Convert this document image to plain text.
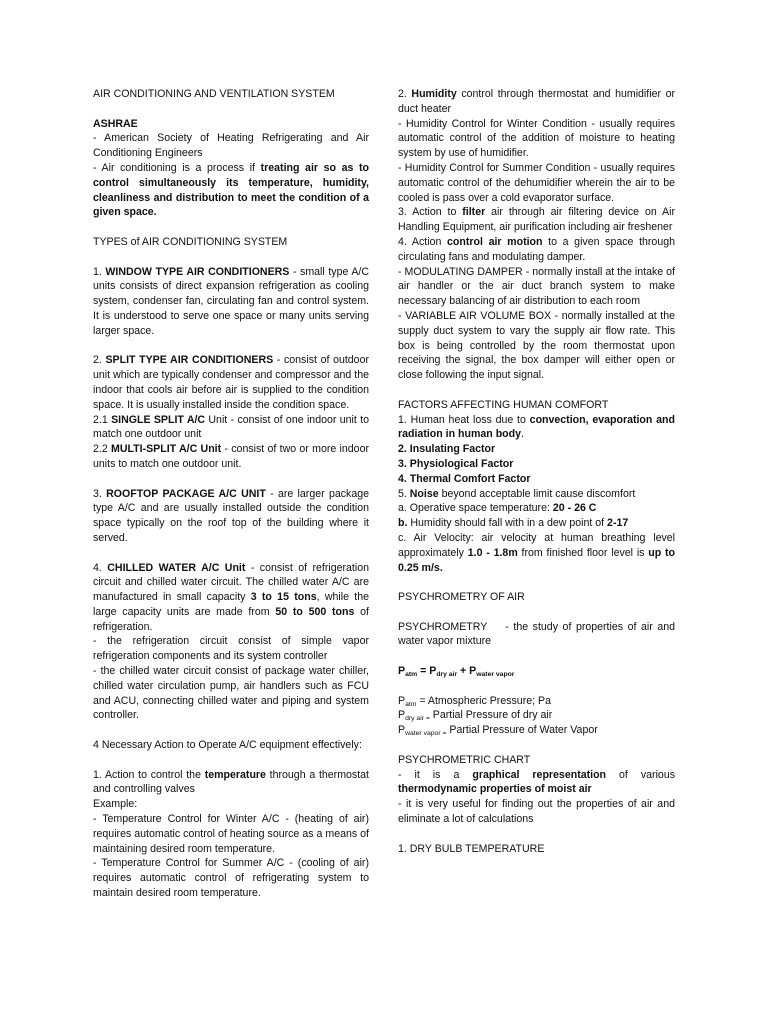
AIR CONDITIONING AND VENTILATION SYSTEM

ASHRAE

- American Society of Heating Refrigerating and Air Conditioning Engineers

- Air conditioning is a process if treating air so as to control simultaneously its temperature, humidity, cleanliness and distribution to meet the condition of a given space.

TYPES of AIR CONDITIONING SYSTEM

1. WINDOW TYPE AIR CONDITIONERS - small type A/C units consists of direct expansion refrigeration as cooling system, condenser fan, circulating fan and control system. It is understood to serve one space or many units serving larger space.

2. SPLIT TYPE AIR CONDITIONERS - consist of outdoor unit which are typically condenser and compressor and the indoor that cools air before air is supplied to the condition space. It is usually installed inside the condition space.

2.1 SINGLE SPLIT A/C Unit - consist of one indoor unit to match one outdoor unit

2.2 MULTI-SPLIT A/C Unit - consist of two or more indoor units to match one outdoor unit.

3. ROOFTOP PACKAGE A/C UNIT - are larger package type A/C and are usually installed outside the condition space typically on the roof top of the building where it served.

4. CHILLED WATER A/C Unit - consist of refrigeration circuit and chilled water circuit. The chilled water A/C are manufactured in small capacity 3 to 15 tons, while the large capacity units are made from 50 to 500 tons of refrigeration.

- the refrigeration circuit consist of simple vapor refrigeration components and its system controller

- the chilled water circuit consist of package water chiller, chilled water circulation pump, air handlers such as FCU and ACU, connecting chilled water and piping and system controller.

4 Necessary Action to Operate A/C equipment effectively:

1. Action to control the temperature through a thermostat and controlling valves

Example:

- Temperature Control for Winter A/C - (heating of air) requires automatic control of heating source as a means of maintaining desired room temperature.

- Temperature Control for Summer A/C - (cooling of air) requires automatic control of refrigerating system to maintain desired room temperature.

2. Humidity control through thermostat and humidifier or duct heater

- Humidity Control for Winter Condition - usually requires automatic control of the addition of moisture to heating system by use of humidifier.

- Humidity Control for Summer Condition - usually requires automatic control of the dehumidifier wherein the air to be cooled is pass over a cold evaporator surface.

3. Action to filter air through air filtering device on Air Handling Equipment, air purification including air freshener

4. Action control air motion to a given space through circulating fans and modulating damper.

- MODULATING DAMPER - normally install at the intake of air handler or the air duct branch system to make necessary balancing of air distribution to each room

- VARIABLE AIR VOLUME BOX - normally installed at the supply duct system to vary the supply air flow rate. This box is being controlled by the room thermostat upon receiving the signal, the box damper will either open or close following the input signal.

FACTORS AFFECTING HUMAN COMFORT

1. Human heat loss due to convection, evaporation and radiation in human body.

2. Insulating Factor

3. Physiological Factor

4. Thermal Comfort Factor

5. Noise beyond acceptable limit cause discomfort

a. Operative space temperature: 20 - 26 C

b. Humidity should fall with in a dew point of 2-17

c. Air Velocity: air velocity at human breathing level approximately 1.0 - 1.8m from finished floor level is up to 0.25 m/s.

PSYCHROMETRY OF AIR

PSYCHROMETRY    - the study of properties of air and water vapor mixture

$P_{atm} = P_{dry air} + P_{water vapor}$

Patm = Atmospheric Pressure; Pa

Pdry air = Partial Pressure of dry air

Pwater vapor = Partial Pressure of Water Vapor

PSYCHROMETRIC CHART

- it is a graphical representation of various thermodynamic properties of moist air

- it is very useful for finding out the properties of air and eliminate a lot of calculations

1. DRY BULB TEMPERATURE
